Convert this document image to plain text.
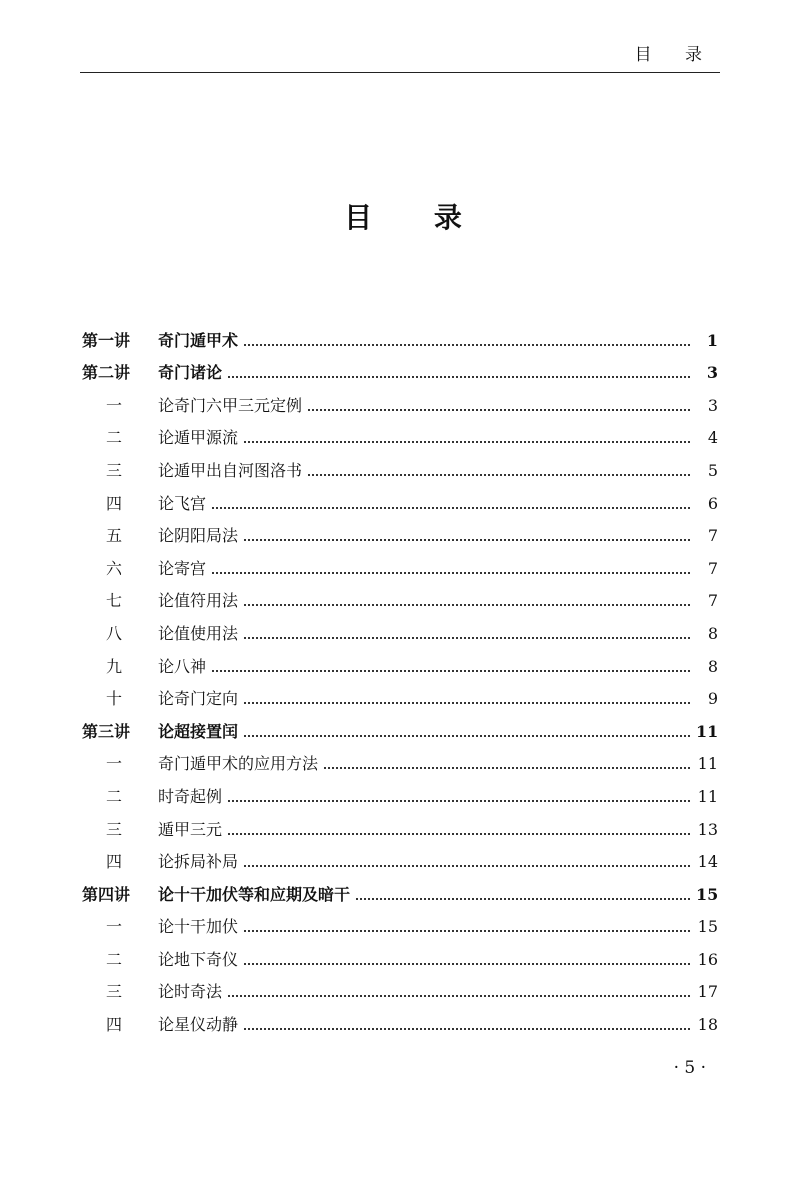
目 录
目 录
第一讲	奇门遁甲术	1
第二讲	奇门诸论	3
一	论奇门六甲三元定例	3
二	论遁甲源流	4
三	论遁甲出自河图洛书	5
四	论飞宫	6
五	论阴阳局法	7
六	论寄宫	7
七	论值符用法	7
八	论值使用法	8
九	论八神	8
十	论奇门定向	9
第三讲	论超接置闰	11
一	奇门遁甲术的应用方法	11
二	时奇起例	11
三	遁甲三元	13
四	论拆局补局	14
第四讲	论十干加伏等和应期及暗干	15
一	论十干加伏	15
二	论地下奇仪	16
三	论时奇法	17
四	论星仪动静	18
· 5 ·
